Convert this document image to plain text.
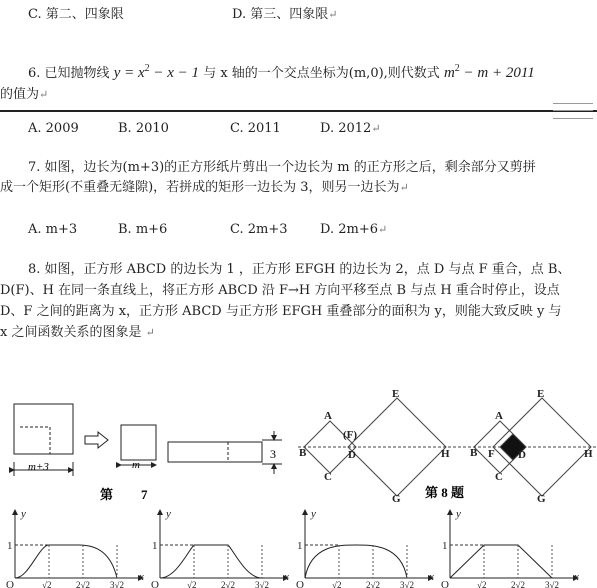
C. 第二、四象限	D. 第三、四象限↵
6. 已知抛物线 $y = x^2 - x - 1$ 与 x 轴的一个交点坐标为(m,0),则代数式 $m^2 - m + 2011$
的值为↵
A. 2009	B. 2010	C. 2011	D. 2012↵
7. 如图，边长为(m+3)的正方形纸片剪出一个边长为 m 的正方形之后，剩余部分又剪拼
成一个矩形(不重叠无缝隙)，若拼成的矩形一边长为 3，则另一边长为↵
A. m+3	B. m+6	C. 2m+3 D. 2m+6↵
8. 如图，正方形 ABCD 的边长为 1 ，正方形 EFGH 的边长为 2，点 D 与点 F 重合，点 B、
D(F)、H 在同一条直线上，将正方形 ABCD 沿 F→H 方向平移至点 B 与点 H 重合时停止，设点
D、F 之间的距离为 x，正方形 ABCD 与正方形 EFGH 重叠部分的面积为 y，则能大致反映 y 与
x 之间函数关系的图象是 ↵
m+3	m
3
第 7
A
B
C
D
(F)
E
G
H
A
B
C
D
F
E
G
H
第 8 题
y
x
O
1
√2	2√2 3√2
y
x
O
1
√2	2√2 3√2
y
x
O
1
√2	2√2 3√2
y
x
O
1
√2	2√2 3√2
